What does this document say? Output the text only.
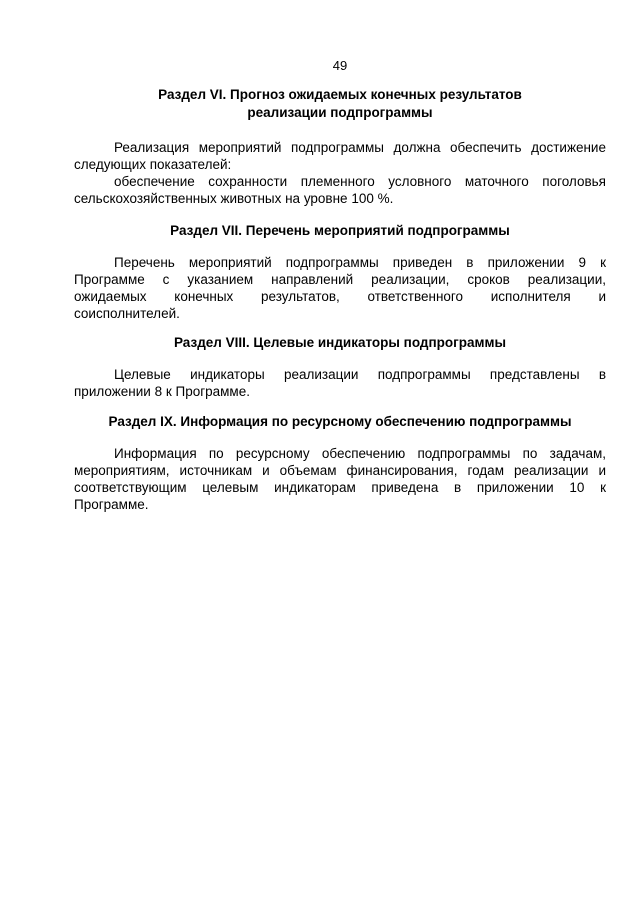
49
Раздел VI. Прогноз ожидаемых конечных результатов
реализации подпрограммы
Реализация мероприятий подпрограммы должна обеспечить достижение
следующих показателей:
обеспечение сохранности племенного условного маточного поголовья
сельскохозяйственных животных на уровне 100 %.
Раздел VII. Перечень мероприятий подпрограммы
Перечень мероприятий подпрограммы приведен в приложении 9 к
Программе с указанием направлений реализации, сроков реализации,
ожидаемых конечных результатов, ответственного исполнителя и
соисполнителей.
Раздел VIII. Целевые индикаторы подпрограммы
Целевые индикаторы реализации подпрограммы представлены в
приложении 8 к Программе.
Раздел IX. Информация по ресурсному обеспечению подпрограммы
Информация по ресурсному обеспечению подпрограммы по задачам,
мероприятиям, источникам и объемам финансирования, годам реализации и
соответствующим целевым индикаторам приведена в приложении 10 к
Программе.
